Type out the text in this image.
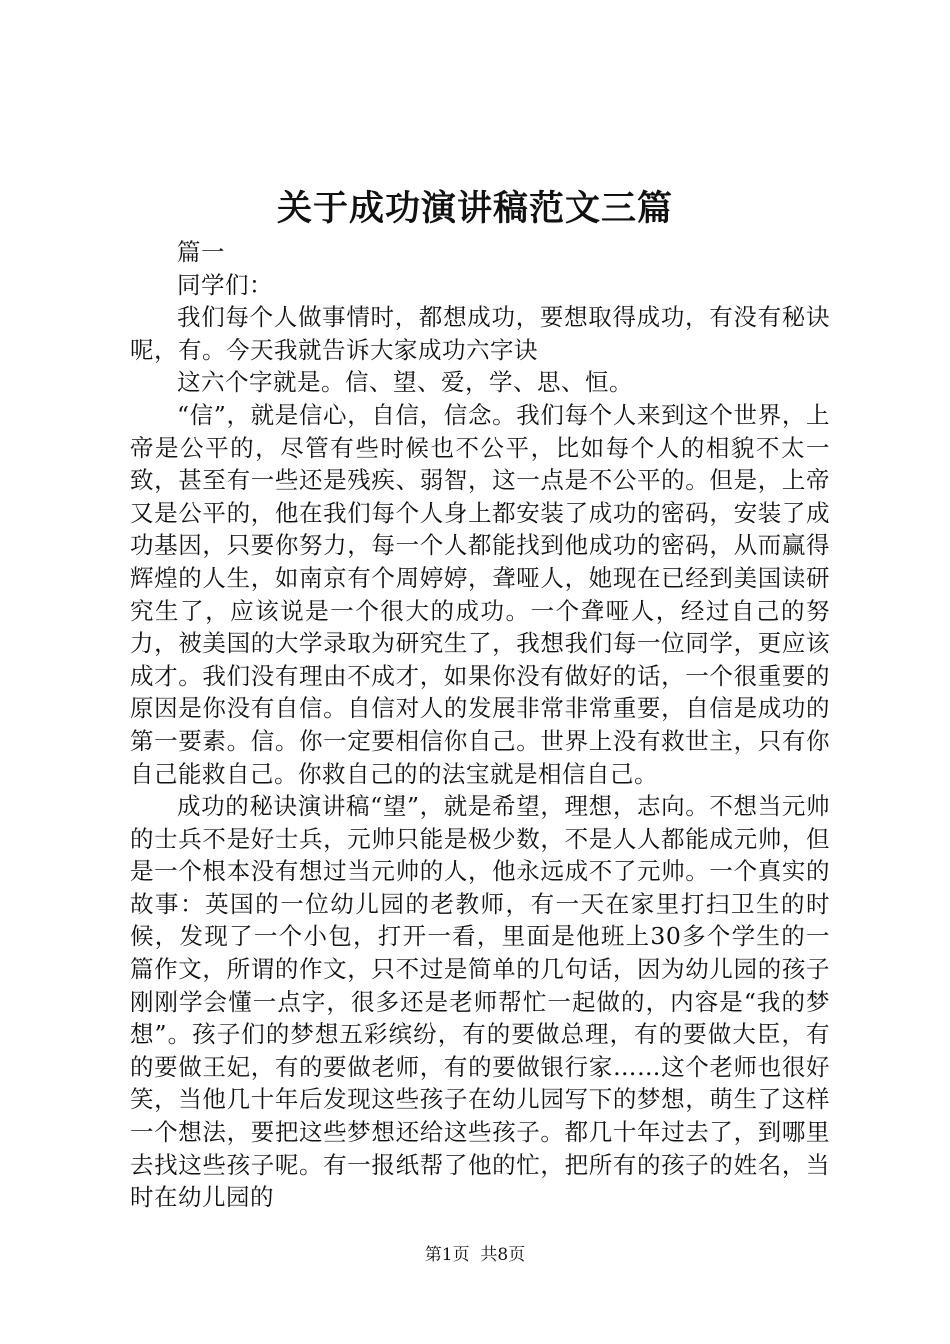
关于成功演讲稿范文三篇

篇一

同学们：

我们每个人做事情时，都想成功，要想取得成功，有没有秘诀呢，有。今天我就告诉大家成功六字诀

这六个字就是。信、望、爱，学、思、恒。

“信”，就是信心，自信，信念。我们每个人来到这个世界，上帝是公平的，尽管有些时候也不公平，比如每个人的相貌不太一致，甚至有一些还是残疾、弱智，这一点是不公平的。但是，上帝又是公平的，他在我们每个人身上都安装了成功的密码，安装了成功基因，只要你努力，每一个人都能找到他成功的密码，从而赢得辉煌的人生，如南京有个周婷婷，聋哑人，她现在已经到美国读研究生了，应该说是一个很大的成功。一个聋哑人，经过自己的努力，被美国的大学录取为研究生了，我想我们每一位同学，更应该成才。我们没有理由不成才，如果你没有做好的话，一个很重要的原因是你没有自信。自信对人的发展非常非常重要，自信是成功的第一要素。信。你一定要相信你自己。世界上没有救世主，只有你自己能救自己。你救自己的的法宝就是相信自己。

成功的秘诀演讲稿“望”，就是希望，理想，志向。不想当元帅的士兵不是好士兵，元帅只能是极少数，不是人人都能成元帅，但是一个根本没有想过当元帅的人，他永远成不了元帅。一个真实的故事：英国的一位幼儿园的老教师，有一天在家里打扫卫生的时候，发现了一个小包，打开一看，里面是他班上30多个学生的一篇作文，所谓的作文，只不过是简单的几句话，因为幼儿园的孩子刚刚学会懂一点字，很多还是老师帮忙一起做的，内容是“我的梦想”。孩子们的梦想五彩缤纷，有的要做总理，有的要做大臣，有的要做王妃，有的要做老师，有的要做银行家……这个老师也很好笑，当他几十年后发现这些孩子在幼儿园写下的梦想，萌生了这样一个想法，要把这些梦想还给这些孩子。都几十年过去了，到哪里去找这些孩子呢。有一报纸帮了他的忙，把所有的孩子的姓名，当时在幼儿园的

第1页  共8页
